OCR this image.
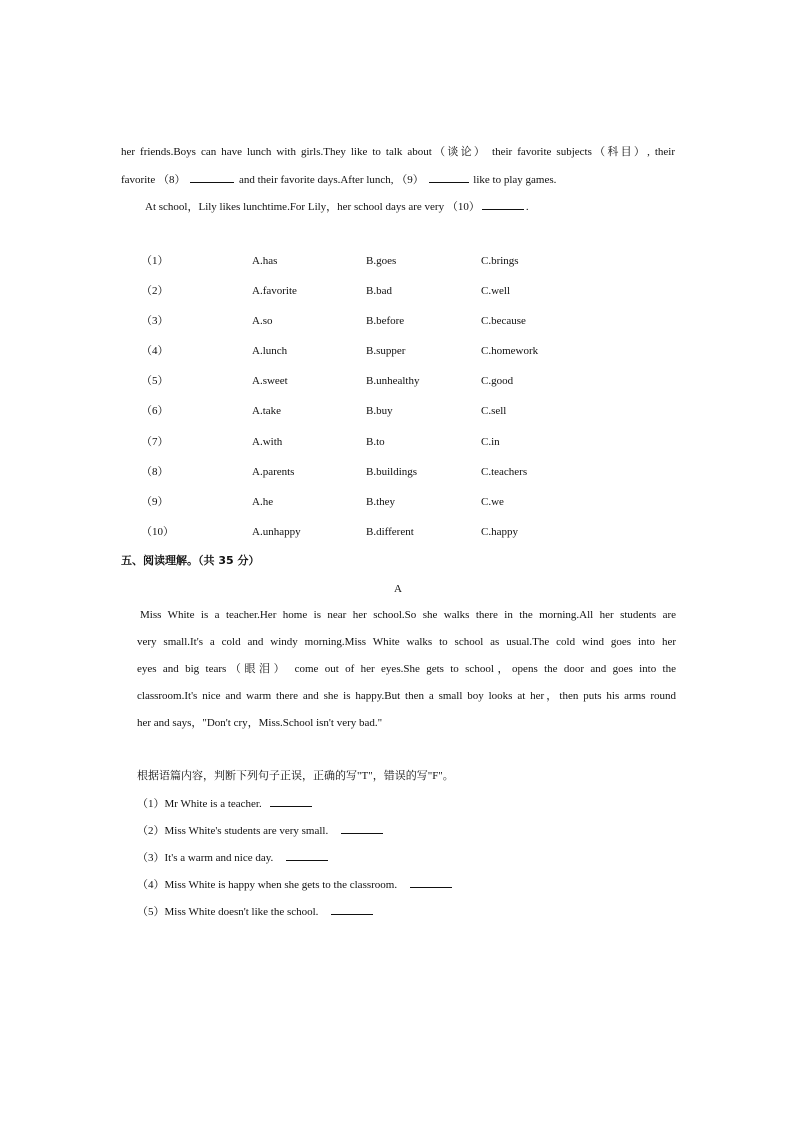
her friends.Boys can have lunch with girls.They like to talk about（谈论） their favorite subjects（科目）, their
favorite （8）	and their favorite days.After lunch, （9）	like to play games.
At school，Lily likes lunchtime.For Lily，her school days are very （10）	.
（1）	A.has	B.goes	C.brings
（2）	A.favorite	B.bad	C.well
（3）	A.so	B.before	C.because
（4）	A.lunch	B.supper	C.homework
（5）	A.sweet	B.unhealthy	C.good
（6）	A.take	B.buy	C.sell
（7）	A.with	B.to	C.in
（8）	A.parents	B.buildings	C.teachers
（9）	A.he	B.they	C.we
（10）	A.unhappy	B.different	C.happy
五、阅读理解。（共 35 分）
A
Miss White is a teacher.Her home is near her school.So she walks there in the morning.All her students are
very small.It's a cold and windy morning.Miss White walks to school as usual.The cold wind goes into her
eyes and big tears（眼泪） come out of her eyes.She gets to school，opens the door and goes into the
classroom.It's nice and warm there and she is happy.But then a small boy looks at her，then puts his arms round
her and says，"Don't cry，Miss.School isn't very bad."
根据语篇内容，判断下列句子正误，正确的写"T"，错误的写"F"。
（1）Mr White is a teacher.
（2）Miss White's students are very small.
（3）It's a warm and nice day.
（4）Miss White is happy when she gets to the classroom.
（5）Miss White doesn't like the school.
